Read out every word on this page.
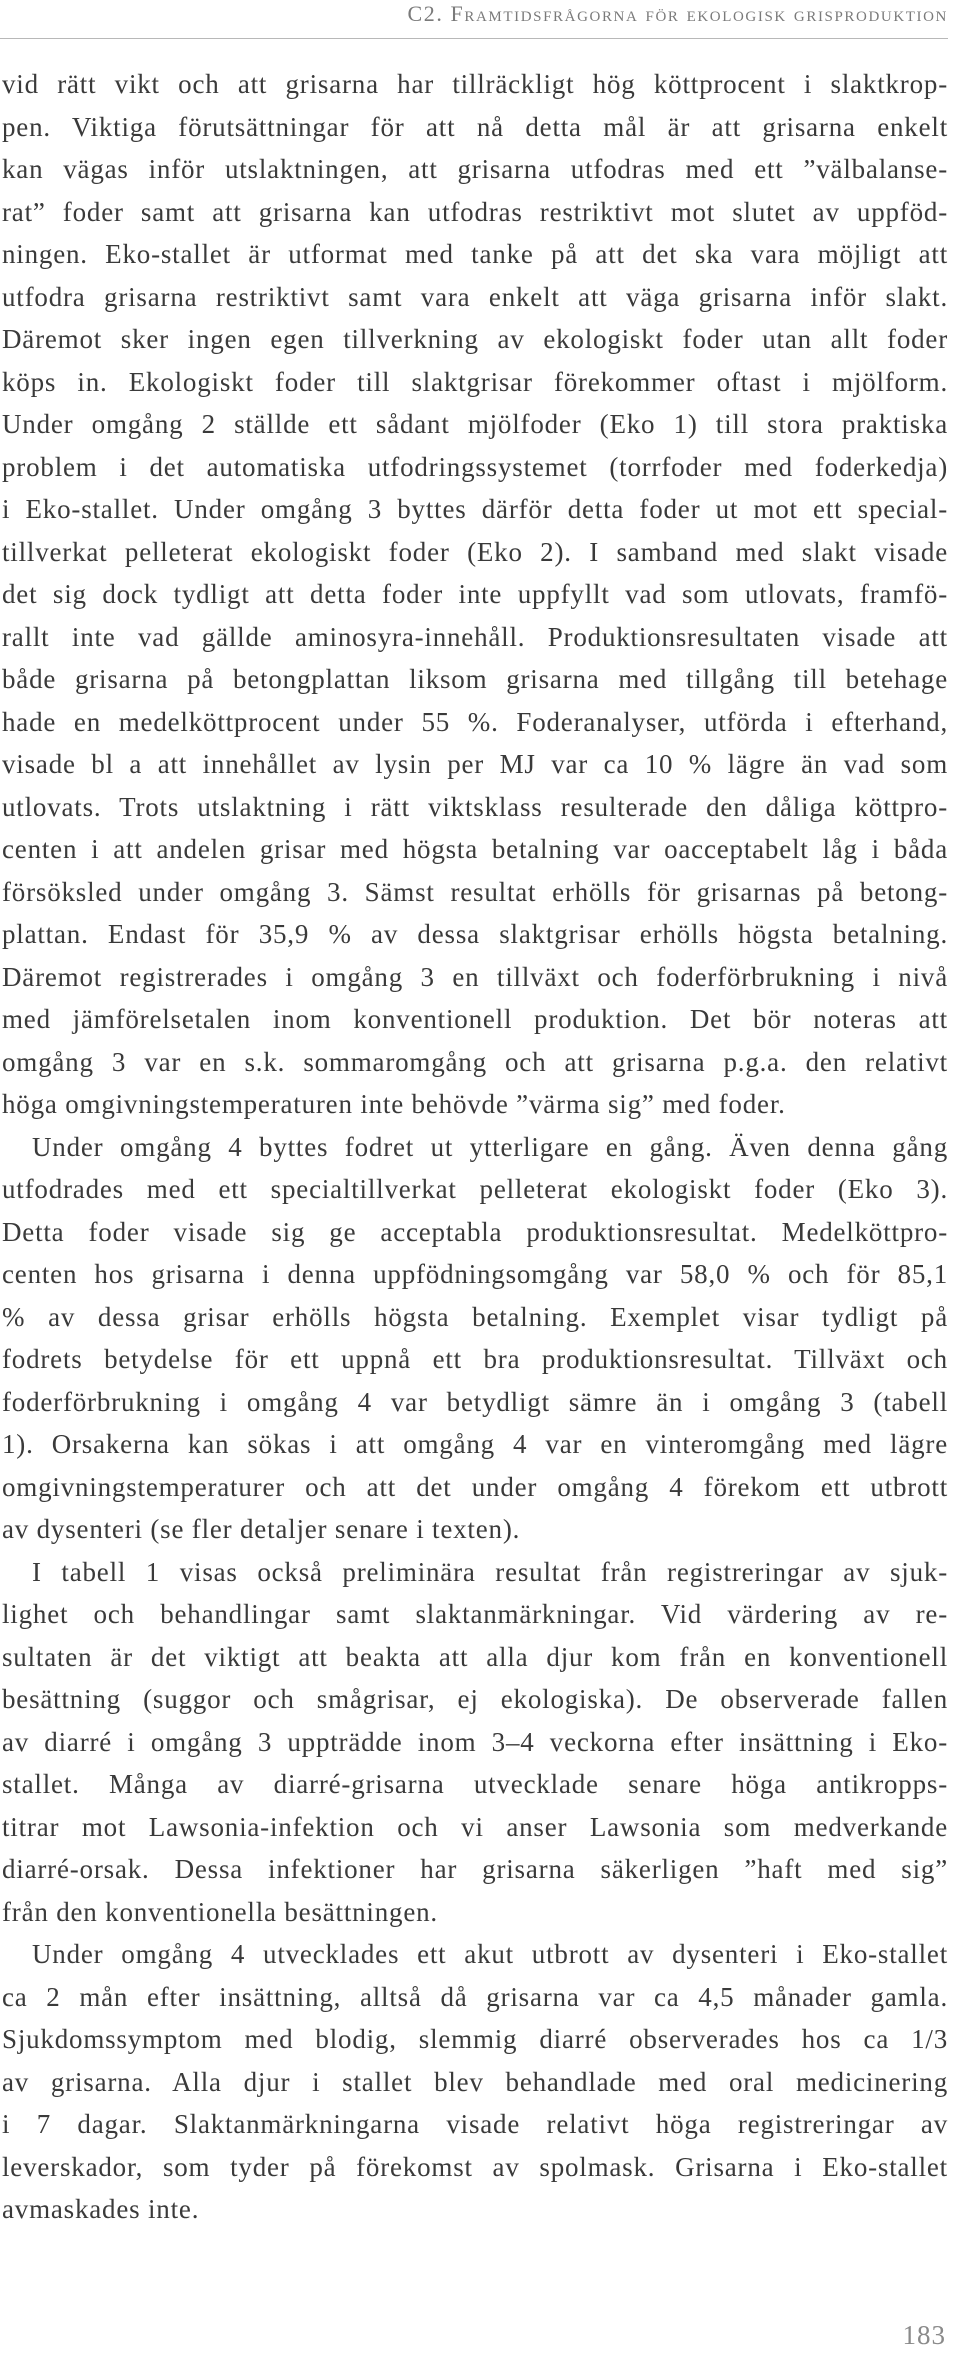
C2. Framtidsfrågorna för ekologisk grisproduktion
vid rätt vikt och att grisarna har tillräckligt hög köttprocent i slaktkrop-
pen. Viktiga förutsättningar för att nå detta mål är att grisarna enkelt
kan vägas inför utslaktningen, att grisarna utfodras med ett ”välbalanse-
rat” foder samt att grisarna kan utfodras restriktivt mot slutet av uppföd-
ningen. Eko-stallet är utformat med tanke på att det ska vara möjligt att
utfodra grisarna restriktivt samt vara enkelt att väga grisarna inför slakt.
Däremot sker ingen egen tillverkning av ekologiskt foder utan allt foder
köps in. Ekologiskt foder till slaktgrisar förekommer oftast i mjölform.
Under omgång 2 ställde ett sådant mjölfoder (Eko 1) till stora praktiska
problem i det automatiska utfodringssystemet (torrfoder med foderkedja)
i Eko-stallet. Under omgång 3 byttes därför detta foder ut mot ett special-
tillverkat pelleterat ekologiskt foder (Eko 2). I samband med slakt visade
det sig dock tydligt att detta foder inte uppfyllt vad som utlovats, framfö-
rallt inte vad gällde aminosyra-innehåll. Produktionsresultaten visade att
både grisarna på betongplattan liksom grisarna med tillgång till betehage
hade en medelköttprocent under 55 %. Foderanalyser, utförda i efterhand,
visade bl a att innehållet av lysin per MJ var ca 10 % lägre än vad som
utlovats. Trots utslaktning i rätt viktsklass resulterade den dåliga köttpro-
centen i att andelen grisar med högsta betalning var oacceptabelt låg i båda
försöksled under omgång 3. Sämst resultat erhölls för grisarnas på betong-
plattan. Endast för 35,9 % av dessa slaktgrisar erhölls högsta betalning.
Däremot registrerades i omgång 3 en tillväxt och foderförbrukning i nivå
med jämförelsetalen inom konventionell produktion. Det bör noteras att
omgång 3 var en s.k. sommaromgång och att grisarna p.g.a. den relativt
höga omgivningstemperaturen inte behövde ”värma sig” med foder.
Under omgång 4 byttes fodret ut ytterligare en gång. Även denna gång
utfodrades med ett specialtillverkat pelleterat ekologiskt foder (Eko 3).
Detta foder visade sig ge acceptabla produktionsresultat. Medelköttpro-
centen hos grisarna i denna uppfödningsomgång var 58,0 % och för 85,1
% av dessa grisar erhölls högsta betalning. Exemplet visar tydligt på
fodrets betydelse för ett uppnå ett bra produktionsresultat. Tillväxt och
foderförbrukning i omgång 4 var betydligt sämre än i omgång 3 (tabell
1). Orsakerna kan sökas i att omgång 4 var en vinteromgång med lägre
omgivningstemperaturer och att det under omgång 4 förekom ett utbrott
av dysenteri (se fler detaljer senare i texten).
I tabell 1 visas också preliminära resultat från registreringar av sjuk-
lighet och behandlingar samt slaktanmärkningar. Vid värdering av re-
sultaten är det viktigt att beakta att alla djur kom från en konventionell
besättning (suggor och smågrisar, ej ekologiska). De observerade fallen
av diarré i omgång 3 uppträdde inom 3–4 veckorna efter insättning i Eko-
stallet. Många av diarré-grisarna utvecklade senare höga antikropps-
titrar mot Lawsonia-infektion och vi anser Lawsonia som medverkande
diarré-orsak. Dessa infektioner har grisarna säkerligen ”haft med sig”
från den konventionella besättningen.
Under omgång 4 utvecklades ett akut utbrott av dysenteri i Eko-stallet
ca 2 mån efter insättning, alltså då grisarna var ca 4,5 månader gamla.
Sjukdomssymptom med blodig, slemmig diarré observerades hos ca 1/3
av grisarna. Alla djur i stallet blev behandlade med oral medicinering
i 7 dagar. Slaktanmärkningarna visade relativt höga registreringar av
leverskador, som tyder på förekomst av spolmask. Grisarna i Eko-stallet
avmaskades inte.
183
